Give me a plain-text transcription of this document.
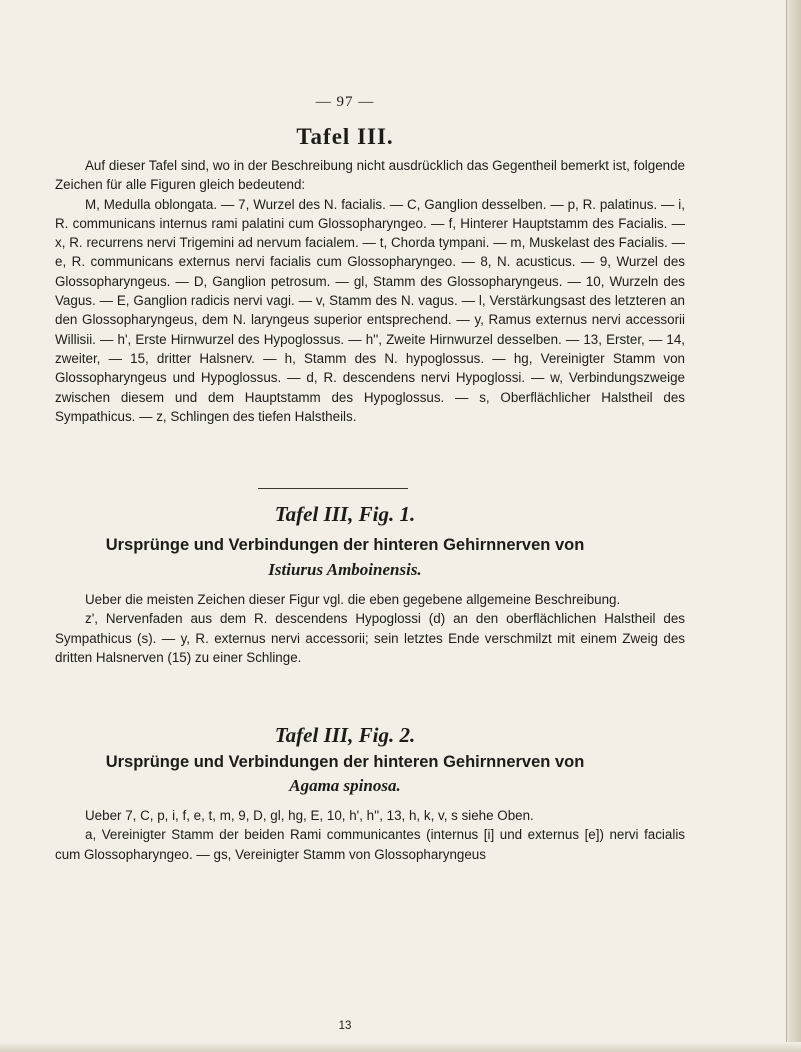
— 97 —
Tafel III.

Auf dieser Tafel sind, wo in der Beschreibung nicht ausdrücklich das Gegentheil bemerkt ist, folgende Zeichen für alle Figuren gleich bedeutend:

M, Medulla oblongata. — 7, Wurzel des N. facialis. — C, Ganglion desselben. — p, R. palatinus. — i, R. communicans internus rami palatini cum Glossopharyngeo. — f, Hinterer Hauptstamm des Facialis. — x, R. recurrens nervi Trigemini ad nervum facialem. — t, Chorda tympani. — m, Muskelast des Facialis. — e, R. communicans externus nervi facialis cum Glossopharyngeo. — 8, N. acusticus. — 9, Wurzel des Glossopharyngeus. — D, Ganglion petrosum. — gl, Stamm des Glossopharyngeus. — 10, Wurzeln des Vagus. — E, Ganglion radicis nervi vagi. — v, Stamm des N. vagus. — l, Verstärkungsast des letzteren an den Glossopharyngeus, dem N. laryngeus superior entsprechend. — y, Ramus externus nervi accessorii Willisii. — h', Erste Hirnwurzel des Hypoglossus. — h'', Zweite Hirnwurzel desselben. — 13, Erster, — 14, zweiter, — 15, dritter Halsnerv. — h, Stamm des N. hypoglossus. — hg, Vereinigter Stamm von Glossopharyngeus und Hypoglossus. — d, R. descendens nervi Hypoglossi. — w, Verbindungszweige zwischen diesem und dem Hauptstamm des Hypoglossus. — s, Oberflächlicher Halstheil des Sympathicus. — z, Schlingen des tiefen Halstheils.

Tafel III, Fig. 1.
Ursprünge und Verbindungen der hinteren Gehirnnerven von
Istiurus Amboinensis.

Ueber die meisten Zeichen dieser Figur vgl. die eben gegebene allgemeine Beschreibung.

z', Nervenfaden aus dem R. descendens Hypoglossi (d) an den oberflächlichen Halstheil des Sympathicus (s). — y, R. externus nervi accessorii; sein letztes Ende verschmilzt mit einem Zweig des dritten Halsnerven (15) zu einer Schlinge.

Tafel III, Fig. 2.
Ursprünge und Verbindungen der hinteren Gehirnnerven von
Agama spinosa.

Ueber 7, C, p, i, f, e, t, m, 9, D, gl, hg, E, 10, h', h'', 13, h, k, v, s siehe Oben.

a, Vereinigter Stamm der beiden Rami communicantes (internus [i] und externus [e]) nervi facialis cum Glossopharyngeo. — gs, Vereinigter Stamm von Glossopharyngeus

13
